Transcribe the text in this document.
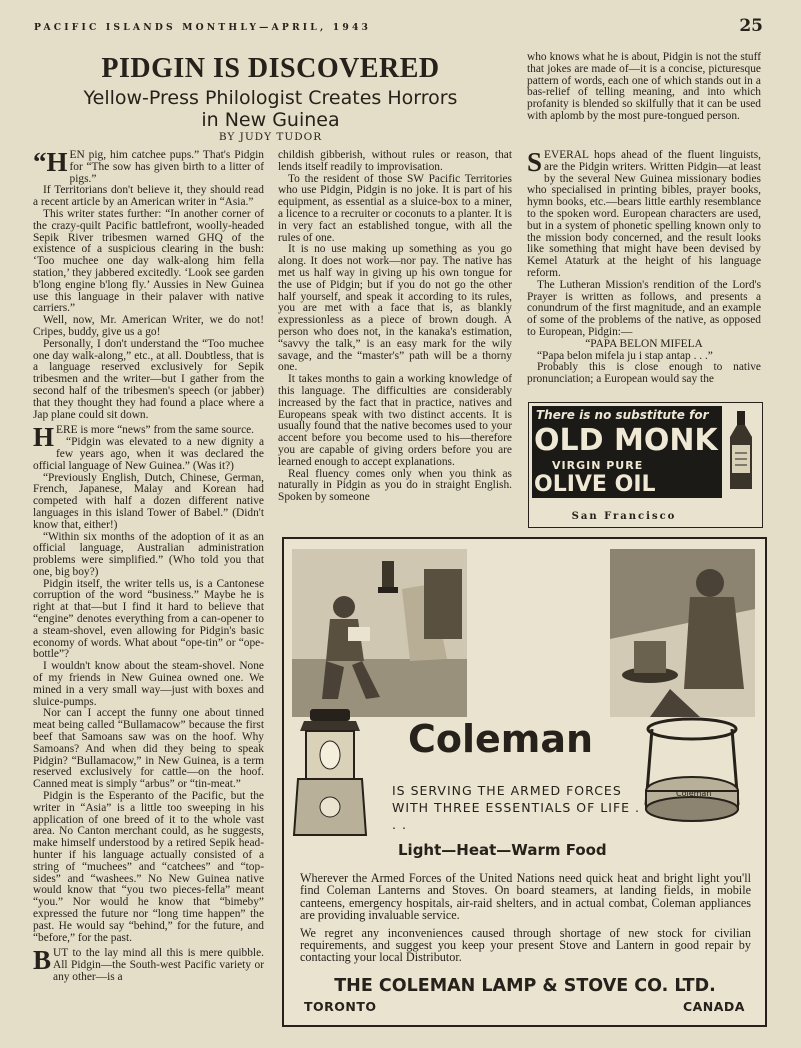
PACIFIC ISLANDS MONTHLY—APRIL, 1943	25
PIDGIN IS DISCOVERED
Yellow-Press Philologist Creates Horrors
in New Guinea
BY JUDY TUDOR

“HEN pig, him catchee pups.” That's Pidgin for “The sow has given birth to a litter of pigs.”

If Territorians don't believe it, they should read a recent article by an American writer in “Asia.”

This writer states further: “In another corner of the crazy-quilt Pacific battlefront, woolly-headed Sepik River tribesmen warned GHQ of the existence of a suspicious clearing in the bush: ‘Too muchee one day walk-along him fella station,’ they jabbered excitedly. ‘Look see garden b'long engine b'long fly.’ Aussies in New Guinea use this language in their palaver with native carriers.”

Well, now, Mr. American Writer, we do not! Cripes, buddy, give us a go!

Personally, I don't understand the “Too muchee one day walk-along,” etc., at all. Doubtless, that is a language reserved exclusively for Sepik tribesmen and the writer—but I gather from the second half of the tribesmen's speech (or jabber) that they thought they had found a place where a Jap plane could sit down.

HERE is more “news” from the same source.

“Pidgin was elevated to a new dignity a few years ago, when it was declared the official language of New Guinea.” (Was it?)

“Previously English, Dutch, Chinese, German, French, Japanese, Malay and Korean had competed with half a dozen different native languages in this island Tower of Babel.” (Didn't know that, either!)

“Within six months of the adoption of it as an official language, Australian administration problems were simplified.” (Who told you that one, big boy?)

Pidgin itself, the writer tells us, is a Cantonese corruption of the word “business.” Maybe he is right at that—but I find it hard to believe that “engine” denotes everything from a can-opener to a steam-shovel, even allowing for Pidgin's basic economy of words. What about “ope-tin” or “ope-bottle”?

I wouldn't know about the steam-shovel. None of my friends in New Guinea owned one. We mined in a very small way—just with boxes and sluice-pumps.

Nor can I accept the funny one about tinned meat being called “Bullamacow” because the first beef that Samoans saw was on the hoof. Why Samoans? And when did they being to speak Pidgin? “Bullamacow,” in New Guinea, is a term reserved exclusively for cattle—on the hoof. Canned meat is simply “arbus” or “tin-meat.”

Pidgin is the Esperanto of the Pacific, but the writer in “Asia” is a little too sweeping in his application of one breed of it to the whole vast area. No Canton merchant could, as he suggests, make himself understood by a retired Sepik head-hunter if his language actually consisted of a string of “muchees” and “catchees” and “top-sides” and “washees.” No New Guinea native would know that “you two pieces-fella” meant “you.” Nor would he know that “bimeby” expressed the future nor “long time happen” the past. He would say “behind,” for the future, and “before,” for the past.

BUT to the lay mind all this is mere quibble. All Pidgin—the South-west Pacific variety or any other—is a

childish gibberish, without rules or reason, that lends itself readily to improvisation.

To the resident of those SW Pacific Territories who use Pidgin, Pidgin is no joke. It is part of his equipment, as essential as a sluice-box to a miner, a licence to a recruiter or coconuts to a planter. It is in very fact an established tongue, with all the rules of one.

It is no use making up something as you go along. It does not work—nor pay. The native has met us half way in giving up his own tongue for the use of Pidgin; but if you do not go the other half yourself, and speak it according to its rules, you are met with a face that is, as blankly expressionless as a piece of brown dough. A person who does not, in the kanaka's estimation, “savvy the talk,” is an easy mark for the wily savage, and the “master's” path will be a thorny one.

It takes months to gain a working knowledge of this language. The difficulties are considerably increased by the fact that in practice, natives and Europeans speak with two distinct accents. It is usually found that the native becomes used to your accent before you become used to his—therefore you are capable of giving orders before you are learned enough to accept explanations.

Real fluency comes only when you think as naturally in Pidgin as you do in straight English. Spoken by someone

who knows what he is about, Pidgin is not the stuff that jokes are made of—it is a concise, picturesque pattern of words, each one of which stands out in a bas-relief of telling meaning, and into which profanity is blended so skilfully that it can be used with aplomb by the most pure-tongued person.

SEVERAL hops ahead of the fluent linguists, are the Pidgin writers. Written Pidgin—at least by the several New Guinea missionary bodies who specialised in printing bibles, prayer books, hymn books, etc.—bears little earthly resemblance to the spoken word. European characters are used, but in a system of phonetic spelling known only to the mission body concerned, and the result looks like something that might have been devised by Kemel Ataturk at the height of his language reform.

The Lutheran Mission's rendition of the Lord's Prayer is written as follows, and presents a conundrum of the first magnitude, and an example of some of the problems of the native, as opposed to European, Pidgin:—

“PAPA BELON MIFELA

“Papa belon mifela ju i stap antap . . .”

Probably this is close enough to native pronunciation; a European would say the

There is no substitute for
OLD MONK
VIRGIN PURE
OLIVE OIL
San Francisco
Coleman
Coleman
IS SERVING THE ARMED FORCES WITH THREE ESSENTIALS OF LIFE . . .
Light—Heat—Warm Food

Wherever the Armed Forces of the United Nations need quick heat and bright light you'll find Coleman Lanterns and Stoves. On board steamers, at landing fields, in mobile canteens, emergency hospitals, air-raid shelters, and in actual combat, Coleman appliances are providing invaluable service.

We regret any inconveniences caused through shortage of new stock for civilian requirements, and suggest you keep your present Stove and Lantern in good repair by contacting your local Distributor.

THE COLEMAN LAMP & STOVE CO. LTD.
TORONTO	CANADA
